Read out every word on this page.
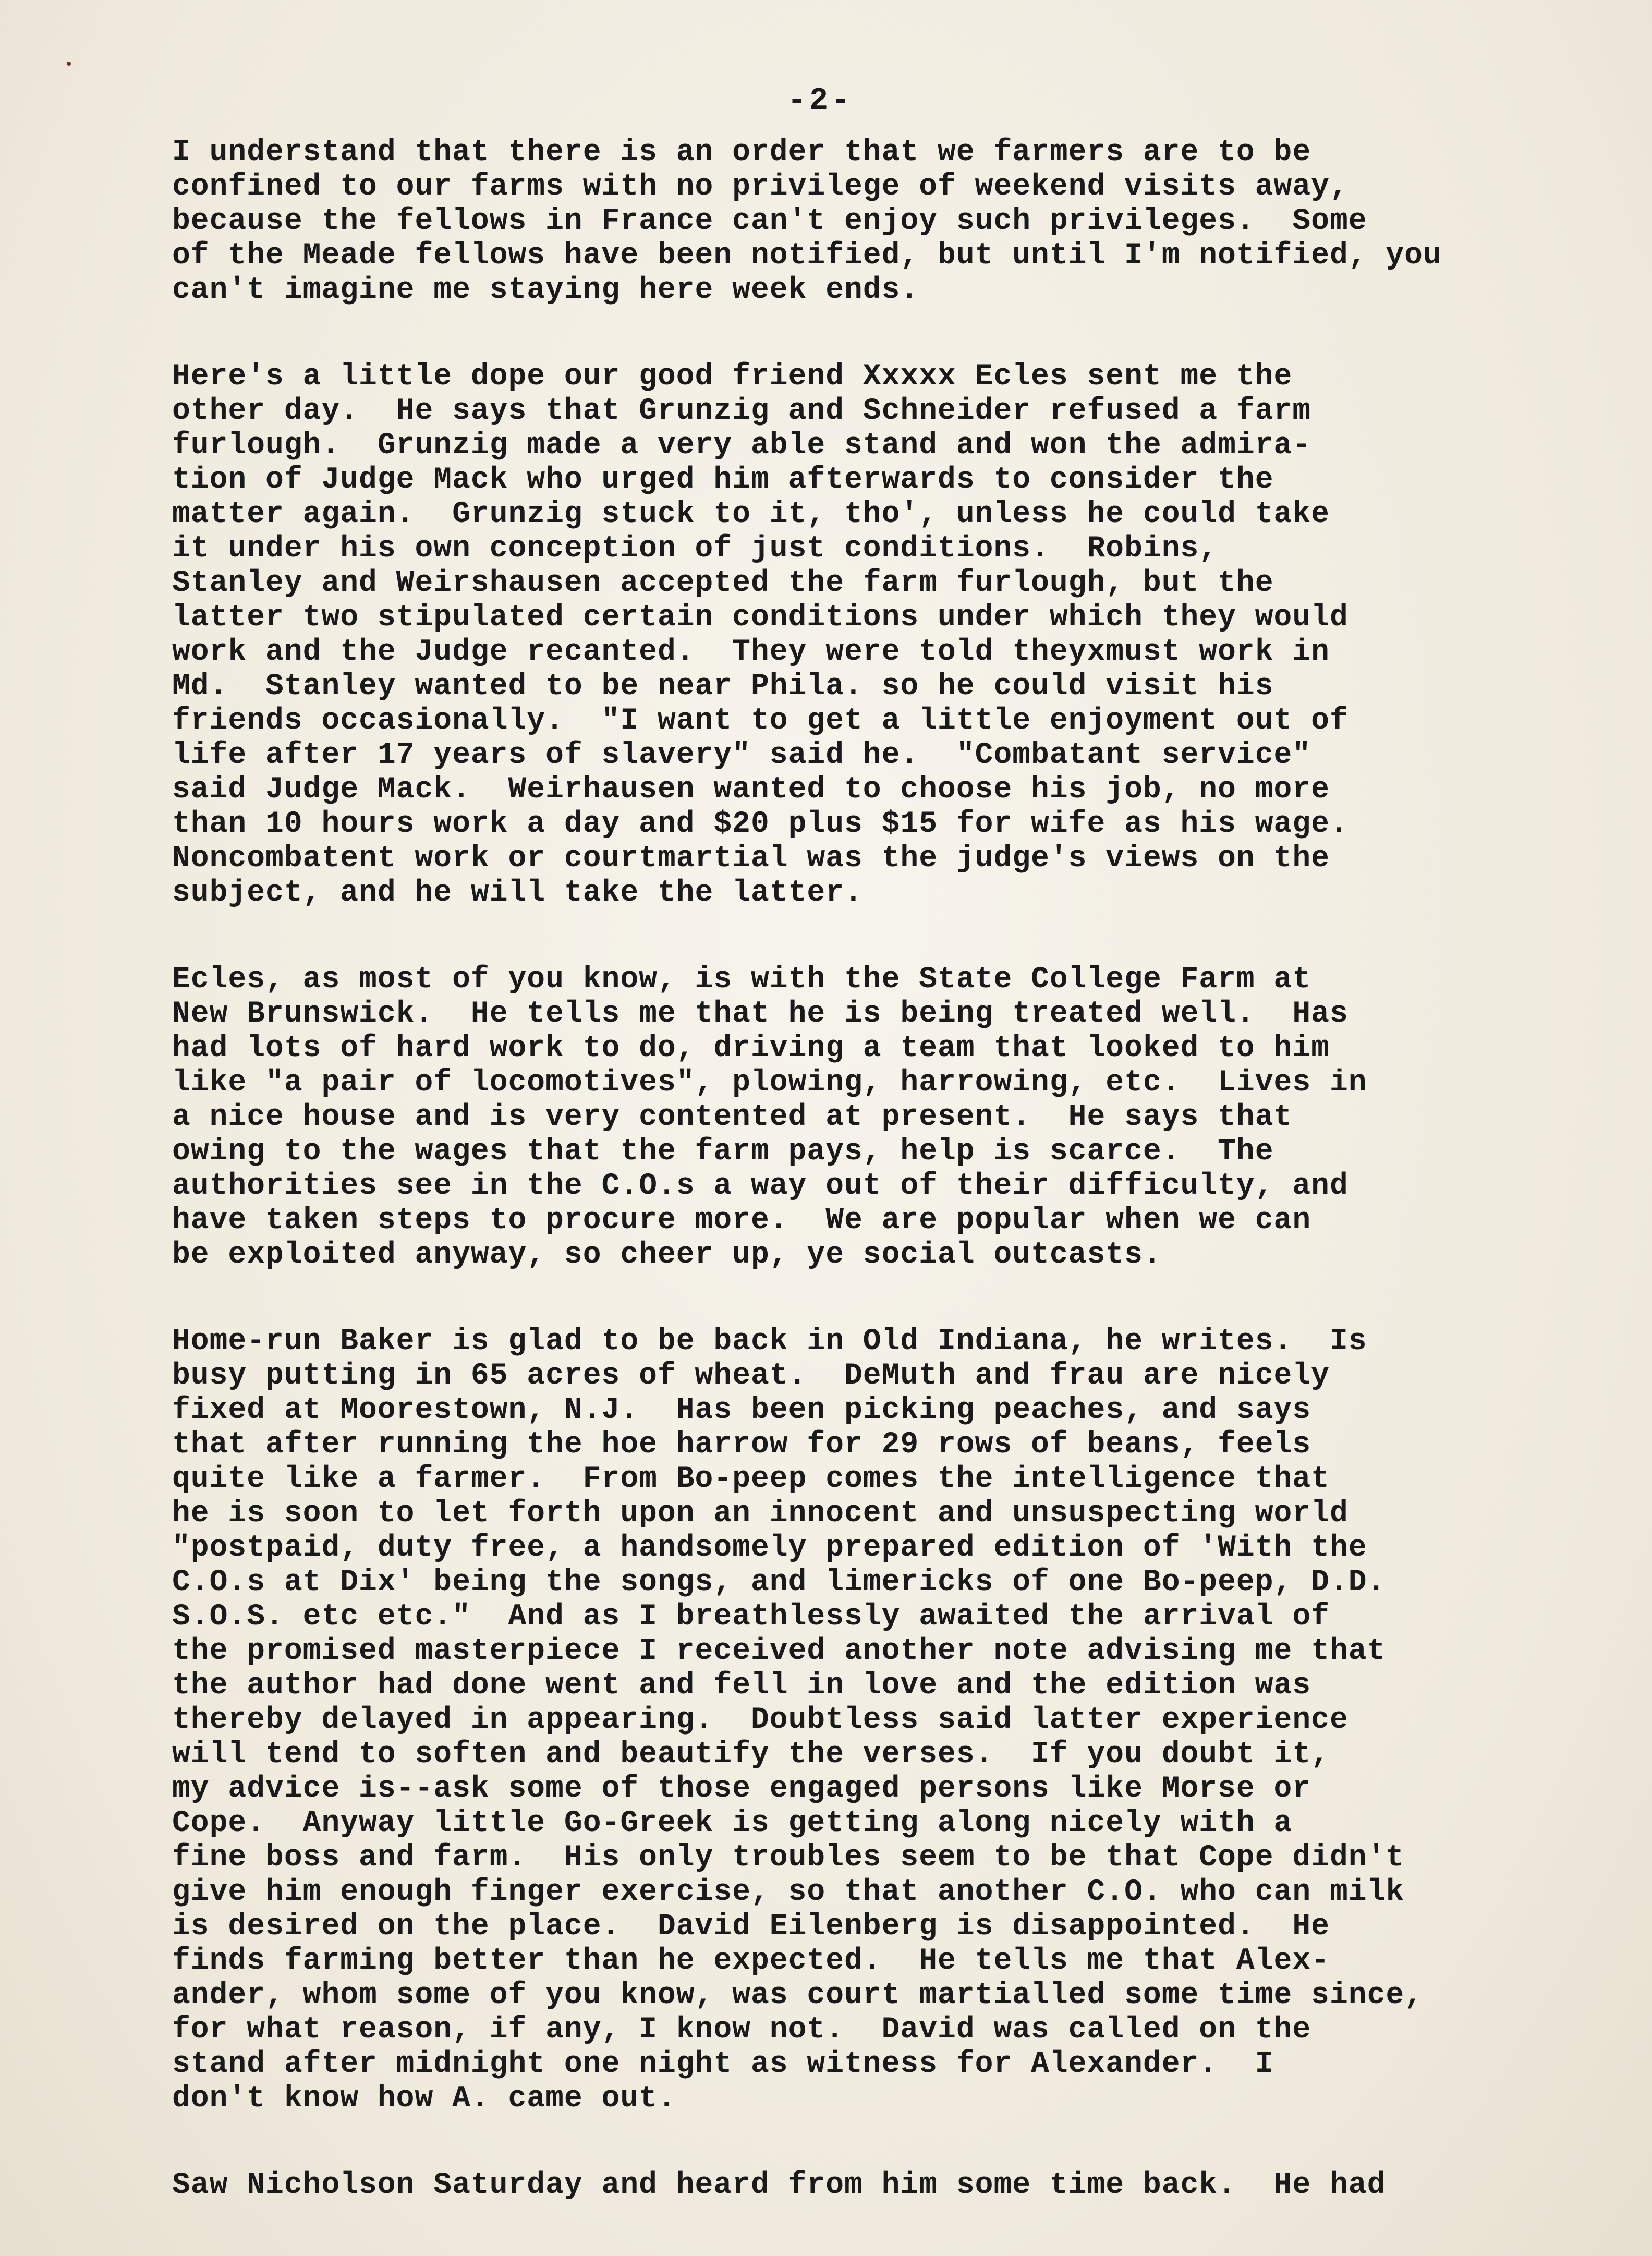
-2-
I understand that there is an order that we farmers are to be
confined to our farms with no privilege of weekend visits away,
because the fellows in France can't enjoy such privileges.  Some
of the Meade fellows have been notified, but until I'm notified, you
can't imagine me staying here week ends.
Here's a little dope our good friend Xxxxx Ecles sent me the
other day.  He says that Grunzig and Schneider refused a farm
furlough.  Grunzig made a very able stand and won the admira-
tion of Judge Mack who urged him afterwards to consider the
matter again.  Grunzig stuck to it, tho', unless he could take
it under his own conception of just conditions.  Robins,
Stanley and Weirshausen accepted the farm furlough, but the
latter two stipulated certain conditions under which they would
work and the Judge recanted.  They were told theyxmust work in
Md.  Stanley wanted to be near Phila. so he could visit his
friends occasionally.  "I want to get a little enjoyment out of
life after 17 years of slavery" said he.  "Combatant service"
said Judge Mack.  Weirhausen wanted to choose his job, no more
than 10 hours work a day and $20 plus $15 for wife as his wage.
Noncombatent work or courtmartial was the judge's views on the
subject, and he will take the latter.
Ecles, as most of you know, is with the State College Farm at
New Brunswick.  He tells me that he is being treated well.  Has
had lots of hard work to do, driving a team that looked to him
like "a pair of locomotives", plowing, harrowing, etc.  Lives in
a nice house and is very contented at present.  He says that
owing to the wages that the farm pays, help is scarce.  The
authorities see in the C.O.s a way out of their difficulty, and
have taken steps to procure more.  We are popular when we can
be exploited anyway, so cheer up, ye social outcasts.
Home-run Baker is glad to be back in Old Indiana, he writes.  Is
busy putting in 65 acres of wheat.  DeMuth and frau are nicely
fixed at Moorestown, N.J.  Has been picking peaches, and says
that after running the hoe harrow for 29 rows of beans, feels
quite like a farmer.  From Bo-peep comes the intelligence that
he is soon to let forth upon an innocent and unsuspecting world
"postpaid, duty free, a handsomely prepared edition of 'With the
C.O.s at Dix' being the songs, and limericks of one Bo-peep, D.D.
S.O.S. etc etc."  And as I breathlessly awaited the arrival of
the promised masterpiece I received another note advising me that
the author had done went and fell in love and the edition was
thereby delayed in appearing.  Doubtless said latter experience
will tend to soften and beautify the verses.  If you doubt it,
my advice is--ask some of those engaged persons like Morse or
Cope.  Anyway little Go-Greek is getting along nicely with a
fine boss and farm.  His only troubles seem to be that Cope didn't
give him enough finger exercise, so that another C.O. who can milk
is desired on the place.  David Eilenberg is disappointed.  He
finds farming better than he expected.  He tells me that Alex-
ander, whom some of you know, was court martialled some time since,
for what reason, if any, I know not.  David was called on the
stand after midnight one night as witness for Alexander.  I
don't know how A. came out.
Saw Nicholson Saturday and heard from him some time back.  He had
